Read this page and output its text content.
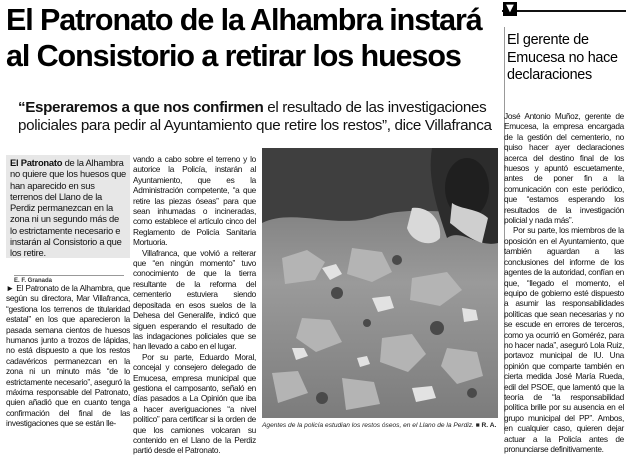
El Patronato de la Alhambra instará
al Consistorio a retirar los huesos

“Esperaremos a que nos confirmen el resultado de las investigaciones policiales para pedir al Ayuntamiento que retire los restos”, dice Villafranca

El Patronato de la Alhambra no quiere que los huesos que han aparecido en sus terrenos del Llano de la Perdiz permanezcan en la zona ni un segundo más de lo estrictamente necesario e instarán al Consistorio a que los retire.
E. F. Granada

► El Patronato de la Alhambra, que según su directora, Mar Villafranca, “gestiona los terrenos de titularidad estatal” en los que aparecieron la pasada semana cientos de huesos humanos junto a trozos de lápidas, no está dispuesto a que los restos cadavéricos permanezcan en la zona ni un minuto más “de lo estrictamente necesario”, aseguró la máxima responsable del Patronato, quien añadió que en cuanto tenga confirmación del final de las investigaciones que se están lle-

vando a cabo sobre el terreno y lo autorice la Policía, instarán al Ayuntamiento, que es la Administración competente, “a que retire las piezas óseas” para que sean inhumadas o incineradas, como establece el artículo cinco del Reglamento de Policía Sanitaria Mortuoria.

Villafranca, que volvió a reiterar que “en ningún momento” tuvo conocimiento de que la tierra resultante de la reforma del cementerio estuviera siendo depositada en esos suelos de la Dehesa del Generalife, indicó que siguen esperando el resultado de las indagaciones policiales que se han llevado a cabo en el lugar.

Por su parte, Eduardo Moral, concejal y consejero delegado de Emucesa, empresa municipal que gestiona el camposanto, señaló en días pasados a La Opinión que iba a hacer averiguaciones “a nivel político” para certificar si la orden de que los camiones volcaran su contenido en el Llano de la Perdiz partió desde el Patronato.

Agentes de la policía estudian los restos óseos, en el Llano de la Perdiz. ■ R. A.
▼
El gerente de Emucesa no hace declaraciones

José Antonio Muñoz, gerente de Emucesa, la empresa encargada de la gestión del cementerio, no quiso hacer ayer declaraciones acerca del destino final de los huesos y apuntó escuetamente, antes de poner fin a la comunicación con este periódico, que “estamos esperando los resultados de la investigación policial y nada más”.

Por su parte, los miembros de la oposición en el Ayuntamiento, que también aguardan a las conclusiones del informe de los agentes de la autoridad, confían en que, “llegado el momento, el equipo de gobierno esté dispuesto a asumir las responsabilidades políticas que sean necesarias y no se escude en errores de terceros, como ya ocurrió en Goméréz, para no hacer nada”, aseguró Lola Ruiz, portavoz municipal de IU. Una opinión que comparte también en cierta medida José María Rueda, edil del PSOE, que lamentó que la teoría de “la responsabilidad política brille por su ausencia en el grupo municipal del PP”. Ambos, en cualquier caso, quieren dejar actuar a la Policía antes de pronunciarse definitivamente.
